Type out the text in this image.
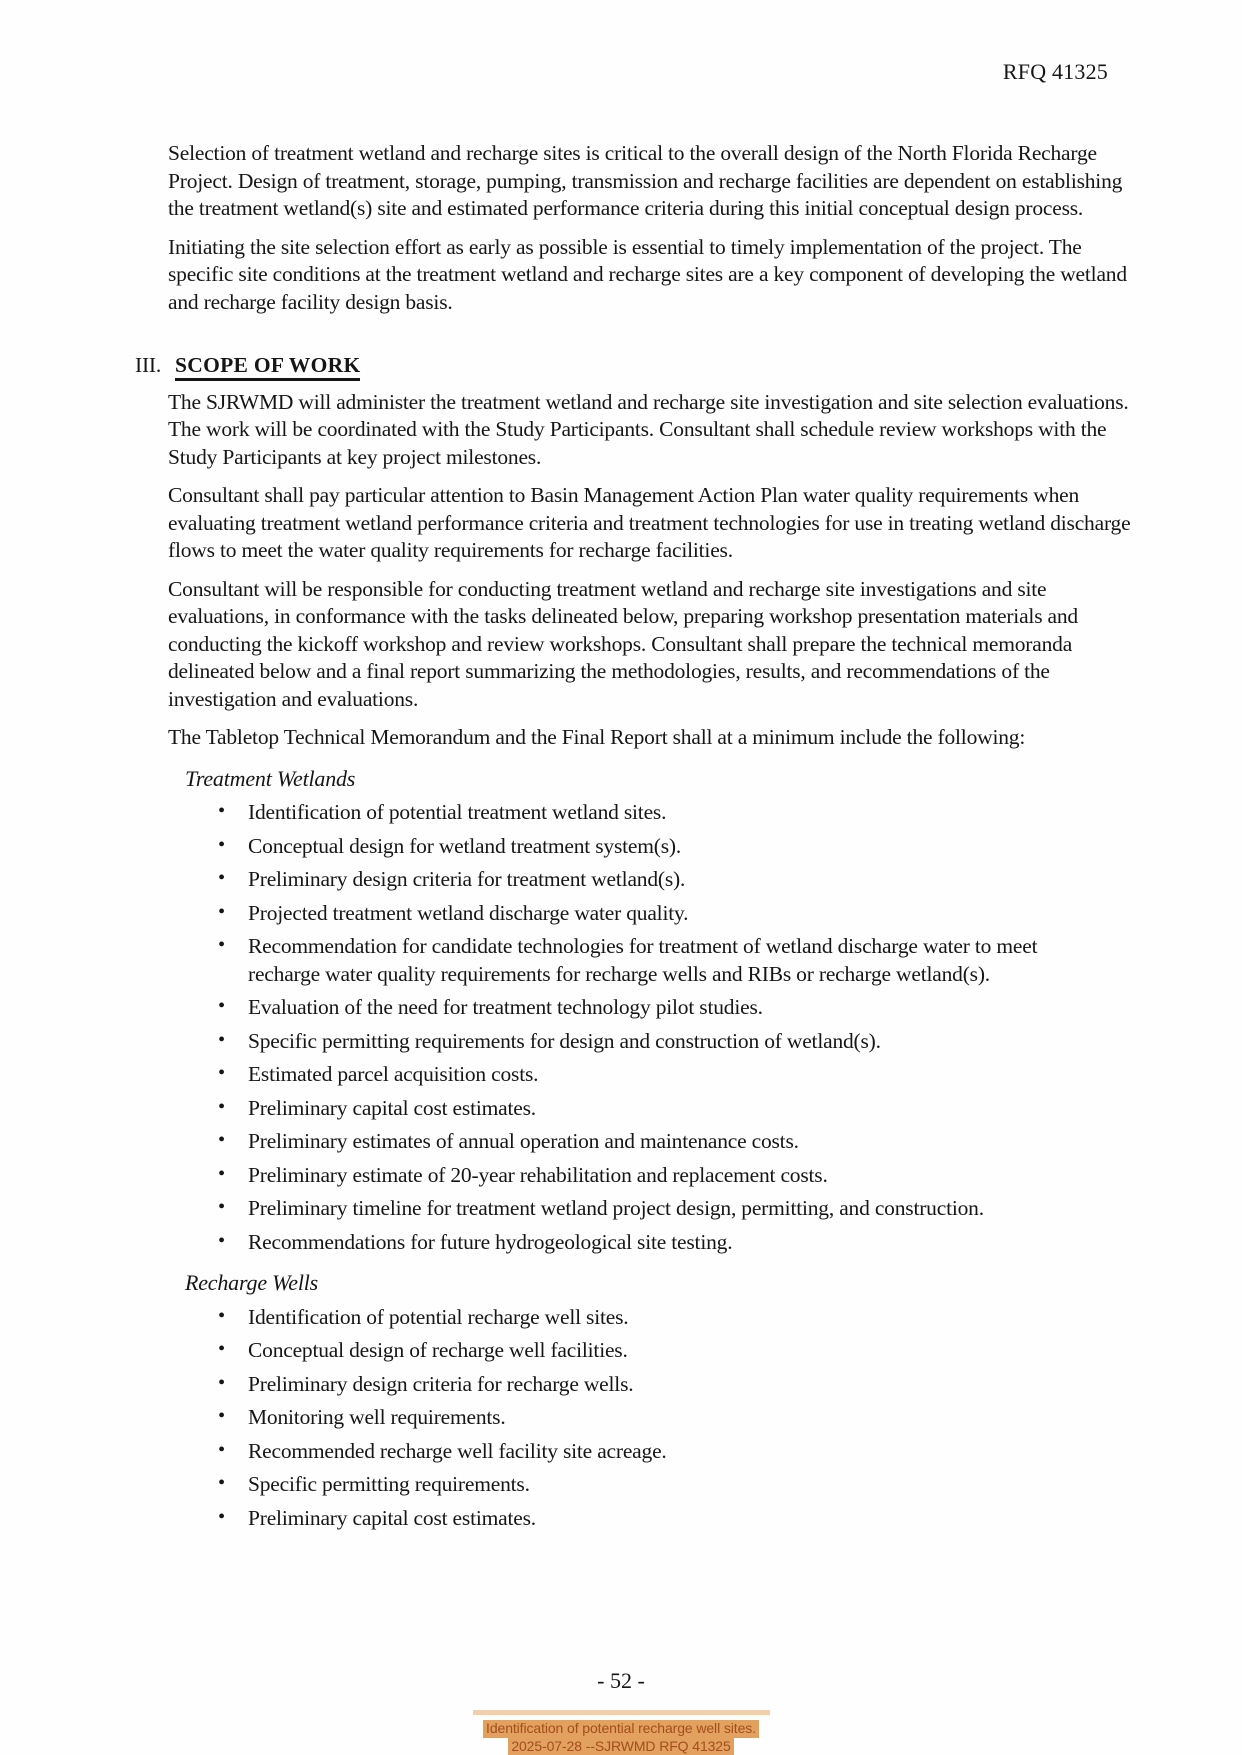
RFQ 41325

Selection of treatment wetland and recharge sites is critical to the overall design of the North Florida Recharge Project. Design of treatment, storage, pumping, transmission and recharge facilities are dependent on establishing the treatment wetland(s) site and estimated performance criteria during this initial conceptual design process.

Initiating the site selection effort as early as possible is essential to timely implementation of the project. The specific site conditions at the treatment wetland and recharge sites are a key component of developing the wetland and recharge facility design basis.

III. SCOPE OF WORK

The SJRWMD will administer the treatment wetland and recharge site investigation and site selection evaluations. The work will be coordinated with the Study Participants. Consultant shall schedule review workshops with the Study Participants at key project milestones.

Consultant shall pay particular attention to Basin Management Action Plan water quality requirements when evaluating treatment wetland performance criteria and treatment technologies for use in treating wetland discharge flows to meet the water quality requirements for recharge facilities.

Consultant will be responsible for conducting treatment wetland and recharge site investigations and site evaluations, in conformance with the tasks delineated below, preparing workshop presentation materials and conducting the kickoff workshop and review workshops. Consultant shall prepare the technical memoranda delineated below and a final report summarizing the methodologies, results, and recommendations of the investigation and evaluations.

The Tabletop Technical Memorandum and the Final Report shall at a minimum include the following:

Treatment Wetlands
• Identification of potential treatment wetland sites.
• Conceptual design for wetland treatment system(s).
• Preliminary design criteria for treatment wetland(s).
• Projected treatment wetland discharge water quality.
• Recommendation for candidate technologies for treatment of wetland discharge water to meet recharge water quality requirements for recharge wells and RIBs or recharge wetland(s).
• Evaluation of the need for treatment technology pilot studies.
• Specific permitting requirements for design and construction of wetland(s).
• Estimated parcel acquisition costs.
• Preliminary capital cost estimates.
• Preliminary estimates of annual operation and maintenance costs.
• Preliminary estimate of 20-year rehabilitation and replacement costs.
• Preliminary timeline for treatment wetland project design, permitting, and construction.
• Recommendations for future hydrogeological site testing.
Recharge Wells
• Identification of potential recharge well sites.
• Conceptual design of recharge well facilities.
• Preliminary design criteria for recharge wells.
• Monitoring well requirements.
• Recommended recharge well facility site acreage.
• Specific permitting requirements.
• Preliminary capital cost estimates.
- 52 -
Identification of potential recharge well sites.
2025-07-28 --SJRWMD RFQ 41325
